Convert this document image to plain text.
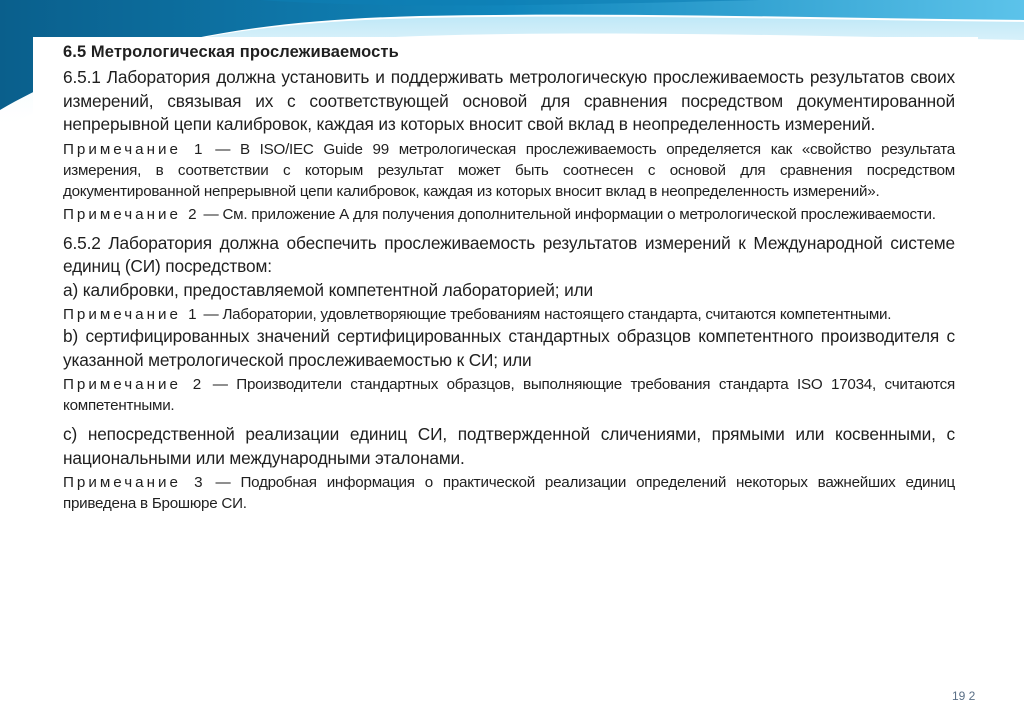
6.5 Метрологическая прослеживаемость

6.5.1 Лаборатория должна установить и поддерживать метрологическую прослеживаемость результатов своих измерений, связывая их с соответствующей основой для сравнения посредством документированной непрерывной цепи калибровок, каждая из которых вносит свой вклад в неопределенность измерений.

Примечание 1 — В ISO/IEC Guide 99 метрологическая прослеживаемость определяется как «свойство результата измерения, в соответствии с которым результат может быть соотнесен с основой для сравнения посредством документированной непрерывной цепи калибровок, каждая из которых вносит вклад в неопределенность измерений».

Примечание 2 — См. приложение А для получения дополнительной информации о метрологической прослеживаемости.

6.5.2 Лаборатория должна обеспечить прослеживаемость результатов измерений к Международной системе единиц (СИ) посредством:

a) калибровки, предоставляемой компетентной лабораторией; или

Примечание 1 — Лаборатории, удовлетворяющие требованиям настоящего стандарта, считаются компетентными.

b) сертифицированных значений сертифицированных стандартных образцов компетентного производителя с указанной метрологической прослеживаемостью к СИ; или

Примечание 2 — Производители стандартных образцов, выполняющие требования стандарта ISO 17034, считаются компетентными.

c) непосредственной реализации единиц СИ, подтвержденной сличениями, прямыми или косвенными, с национальными или международными эталонами.

Примечание 3 — Подробная информация о практической реализации определений некоторых важнейших единиц приведена в Брошюре СИ.

19 2
